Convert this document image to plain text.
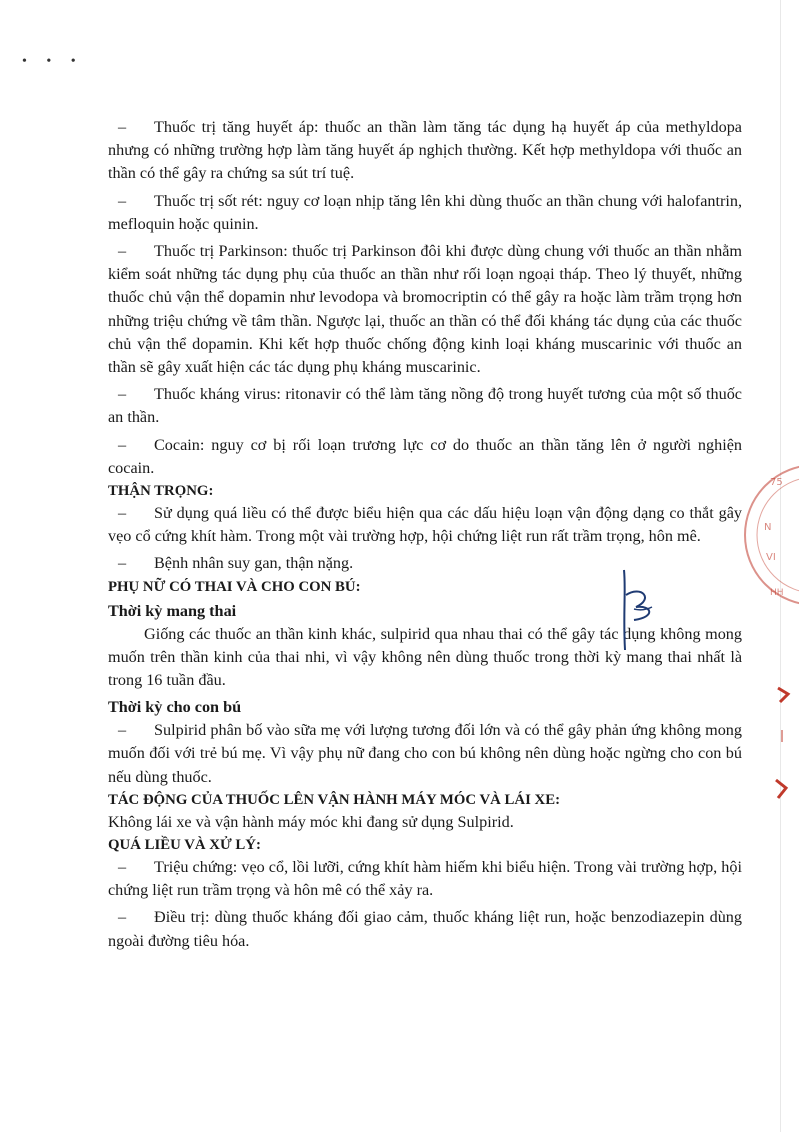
• • •

– Thuốc trị tăng huyết áp: thuốc an thần làm tăng tác dụng hạ huyết áp của methyldopa nhưng có những trường hợp làm tăng huyết áp nghịch thường. Kết hợp methyldopa với thuốc an thần có thể gây ra chứng sa sút trí tuệ.

– Thuốc trị sốt rét: nguy cơ loạn nhịp tăng lên khi dùng thuốc an thần chung với halofantrin, mefloquin hoặc quinin.

– Thuốc trị Parkinson: thuốc trị Parkinson đôi khi được dùng chung với thuốc an thần nhằm kiểm soát những tác dụng phụ của thuốc an thần như rối loạn ngoại tháp. Theo lý thuyết, những thuốc chủ vận thể dopamin như levodopa và bromocriptin có thể gây ra hoặc làm trầm trọng hơn những triệu chứng về tâm thần. Ngược lại, thuốc an thần có thể đối kháng tác dụng của các thuốc chủ vận thể dopamin. Khi kết hợp thuốc chống động kinh loại kháng muscarinic với thuốc an thần sẽ gây xuất hiện các tác dụng phụ kháng muscarinic.

– Thuốc kháng virus: ritonavir có thể làm tăng nồng độ trong huyết tương của một số thuốc an thần.

– Cocain: nguy cơ bị rối loạn trương lực cơ do thuốc an thần tăng lên ở người nghiện cocain.

THẬN TRỌNG:

– Sử dụng quá liều có thể được biểu hiện qua các dấu hiệu loạn vận động dạng co thắt gây vẹo cổ cứng khít hàm. Trong một vài trường hợp, hội chứng liệt run rất trầm trọng, hôn mê.

– Bệnh nhân suy gan, thận nặng.

PHỤ NỮ CÓ THAI VÀ CHO CON BÚ:

Thời kỳ mang thai

Giống các thuốc an thần kinh khác, sulpirid qua nhau thai có thể gây tác dụng không mong muốn trên thần kinh của thai nhi, vì vậy không nên dùng thuốc trong thời kỳ mang thai nhất là trong 16 tuần đầu.

Thời kỳ cho con bú

– Sulpirid phân bố vào sữa mẹ với lượng tương đối lớn và có thể gây phản ứng không mong muốn đối với trẻ bú mẹ. Vì vậy phụ nữ đang cho con bú không nên dùng hoặc ngừng cho con bú nếu dùng thuốc.

TÁC ĐỘNG CỦA THUỐC LÊN VẬN HÀNH MÁY MÓC VÀ LÁI XE:

Không lái xe và vận hành máy móc khi đang sử dụng Sulpirid.

QUÁ LIỀU VÀ XỬ LÝ:

– Triệu chứng: vẹo cổ, lồi lưỡi, cứng khít hàm hiếm khi biểu hiện. Trong vài trường hợp, hội chứng liệt run trầm trọng và hôn mê có thể xảy ra.

– Điều trị: dùng thuốc kháng đối giao cảm, thuốc kháng liệt run, hoặc benzodiazepin dùng ngoài đường tiêu hóa.

75
N
VI
HH
